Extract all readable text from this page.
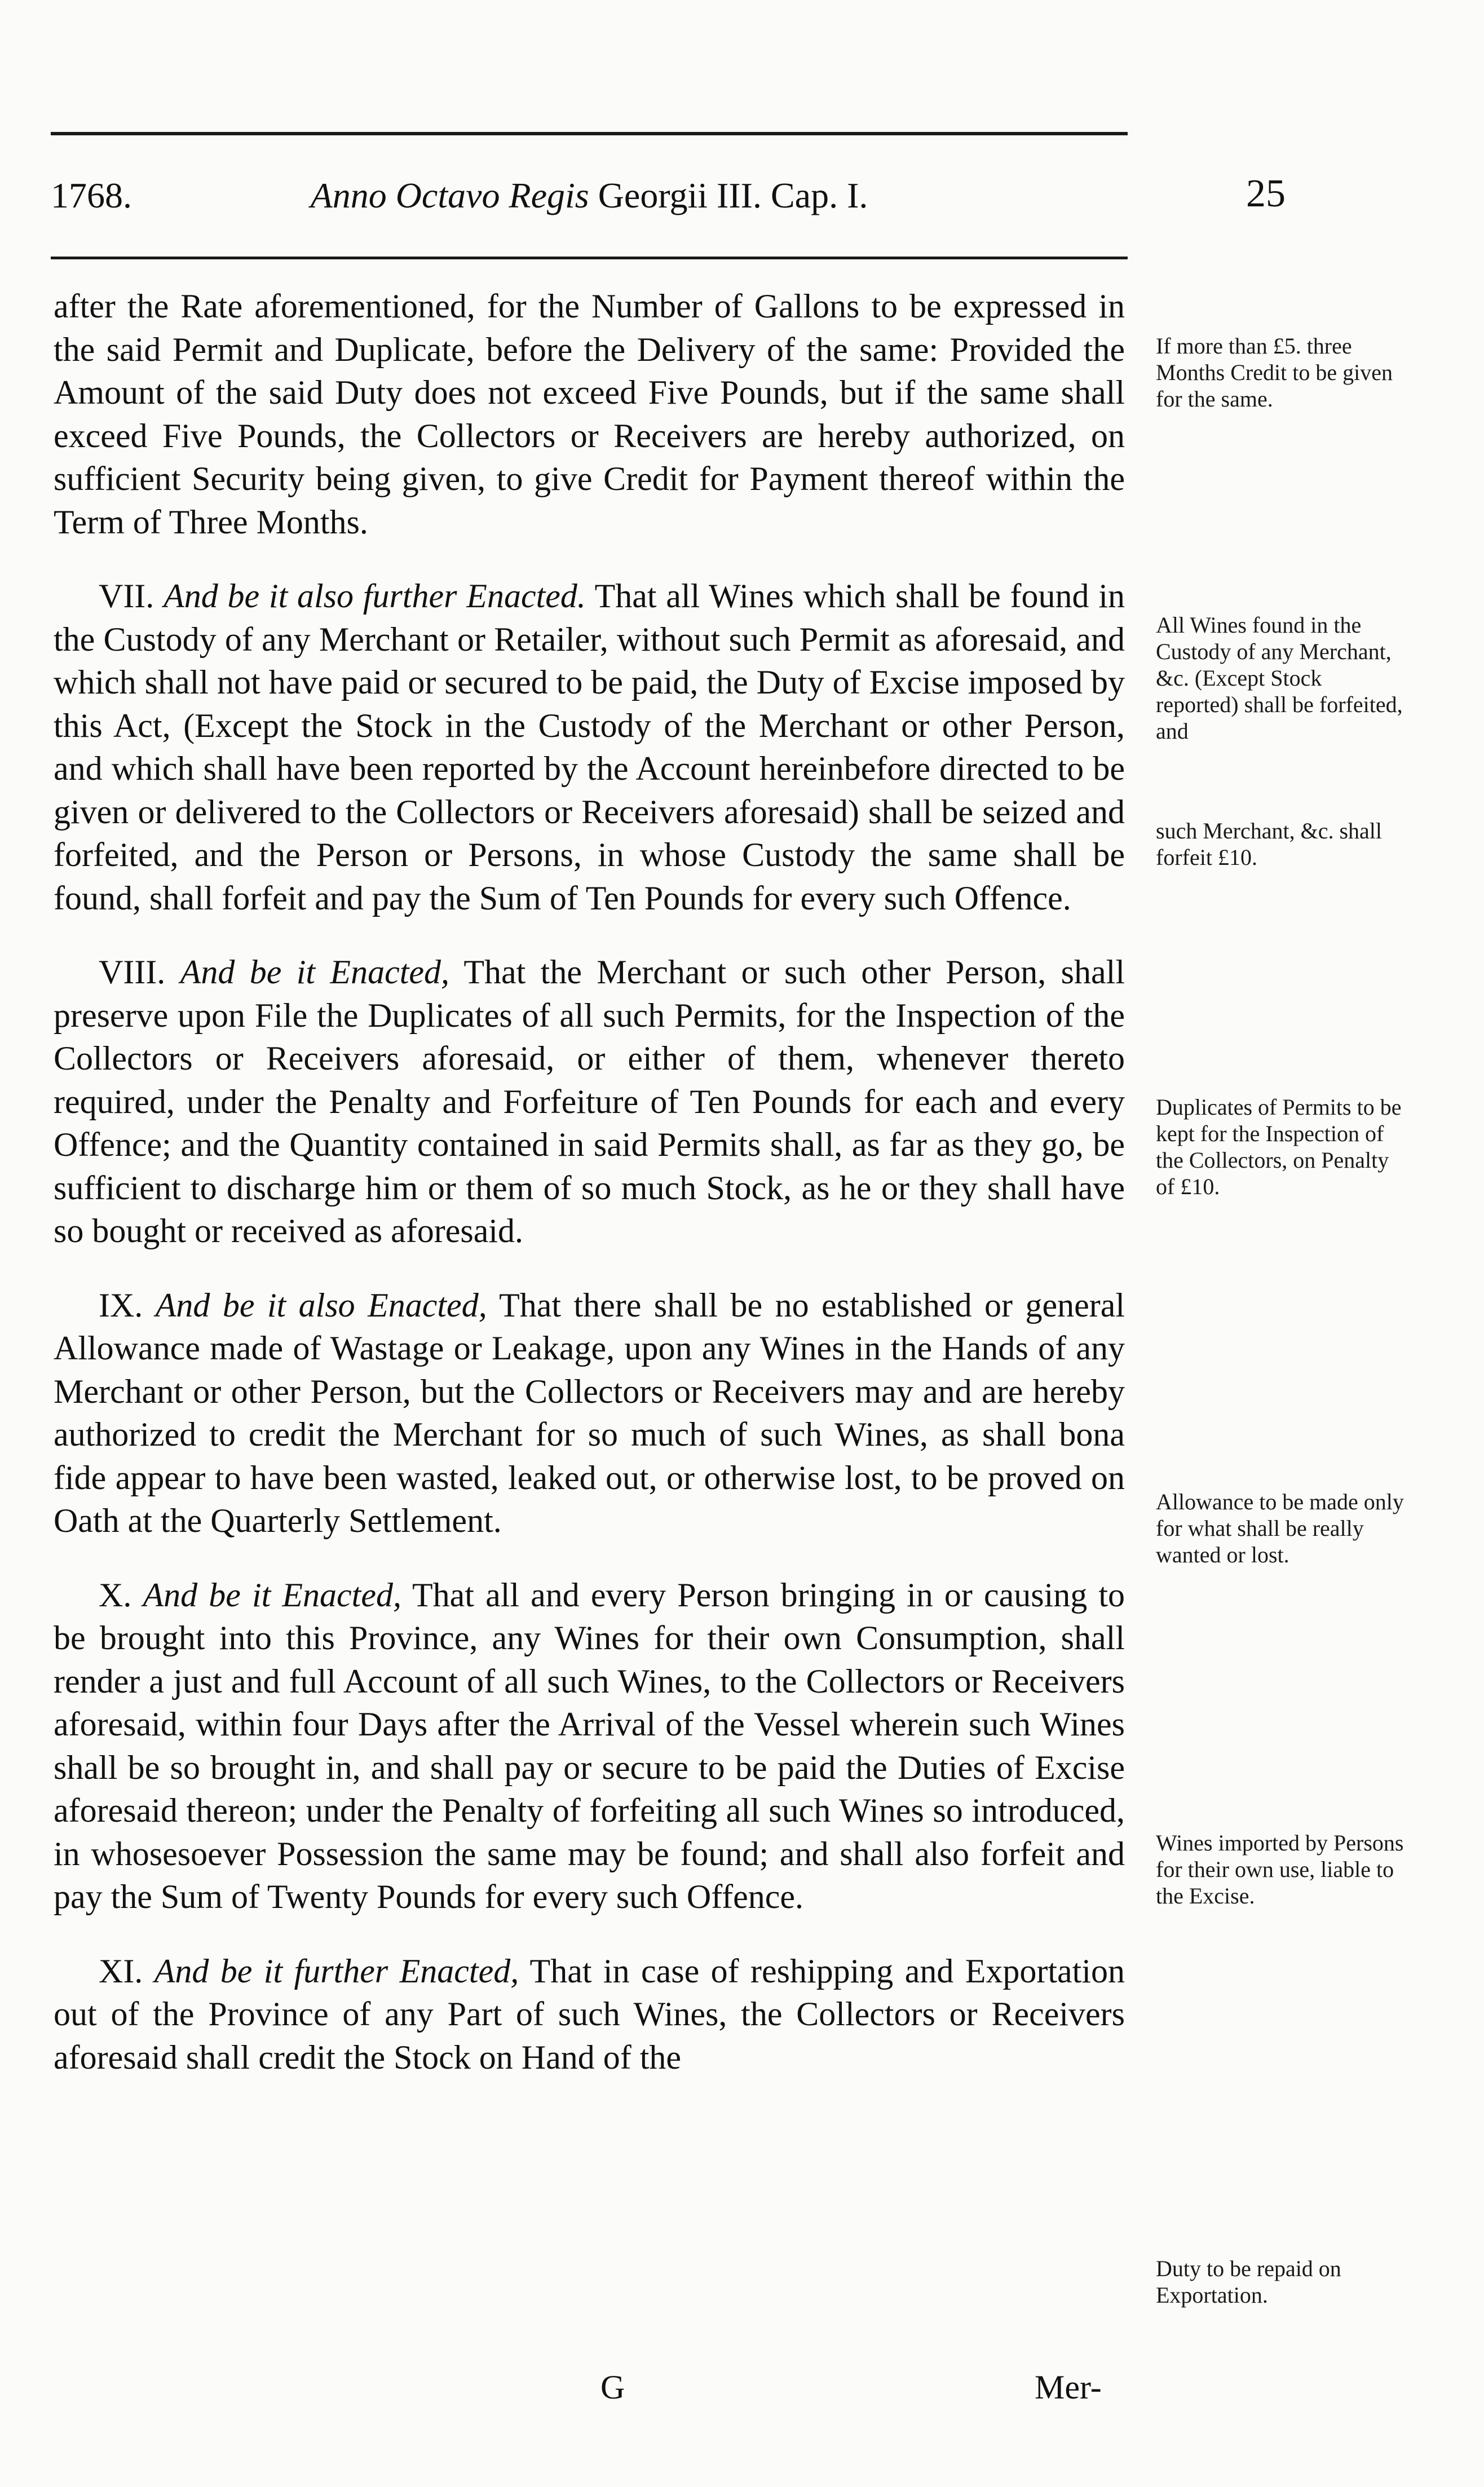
1768.	Anno Octavo Regis Georgii III. Cap. I.	25

after the Rate aforementioned, for the Number of Gallons to be expressed in the said Permit and Duplicate, before the Delivery of the same: Provided the Amount of the said Duty does not exceed Five Pounds, but if the same shall exceed Five Pounds, the Collectors or Receivers are hereby authorized, on sufficient Security being given, to give Credit for Payment thereof within the Term of Three Months.

VII. And be it also further Enacted. That all Wines which shall be found in the Custody of any Merchant or Retailer, without such Permit as aforesaid, and which shall not have paid or secured to be paid, the Duty of Excise imposed by this Act, (Except the Stock in the Custody of the Merchant or other Person, and which shall have been reported by the Account hereinbefore directed to be given or delivered to the Collectors or Receivers aforesaid) shall be seized and forfeited, and the Person or Persons, in whose Custody the same shall be found, shall forfeit and pay the Sum of Ten Pounds for every such Offence.

VIII. And be it Enacted, That the Merchant or such other Person, shall preserve upon File the Duplicates of all such Permits, for the Inspection of the Collectors or Receivers aforesaid, or either of them, whenever thereto required, under the Penalty and Forfeiture of Ten Pounds for each and every Offence; and the Quantity contained in said Permits shall, as far as they go, be sufficient to discharge him or them of so much Stock, as he or they shall have so bought or received as aforesaid.

IX. And be it also Enacted, That there shall be no established or general Allowance made of Wastage or Leakage, upon any Wines in the Hands of any Merchant or other Person, but the Collectors or Receivers may and are hereby authorized to credit the Merchant for so much of such Wines, as shall bona fide appear to have been wasted, leaked out, or otherwise lost, to be proved on Oath at the Quarterly Settlement.

X. And be it Enacted, That all and every Person bringing in or causing to be brought into this Province, any Wines for their own Consumption, shall render a just and full Account of all such Wines, to the Collectors or Receivers aforesaid, within four Days after the Arrival of the Vessel wherein such Wines shall be so brought in, and shall pay or secure to be paid the Duties of Excise aforesaid thereon; under the Penalty of forfeiting all such Wines so introduced, in whosesoever Possession the same may be found; and shall also forfeit and pay the Sum of Twenty Pounds for every such Offence.

XI. And be it further Enacted, That in case of reshipping and Exportation out of the Province of any Part of such Wines, the Collectors or Receivers aforesaid shall credit the Stock on Hand of the

If more than £5. three Months Credit to be given for the same.
All Wines found in the Custody of any Merchant, &c. (Except Stock reported) shall be forfeited, and
such Merchant, &c. shall forfeit £10.
Duplicates of Permits to be kept for the Inspection of the Collectors, on Penalty of £10.
Allowance to be made only for what shall be really wanted or lost.
Wines imported by Persons for their own use, liable to the Excise.
Duty to be repaid on Exportation.
G	Mer-
